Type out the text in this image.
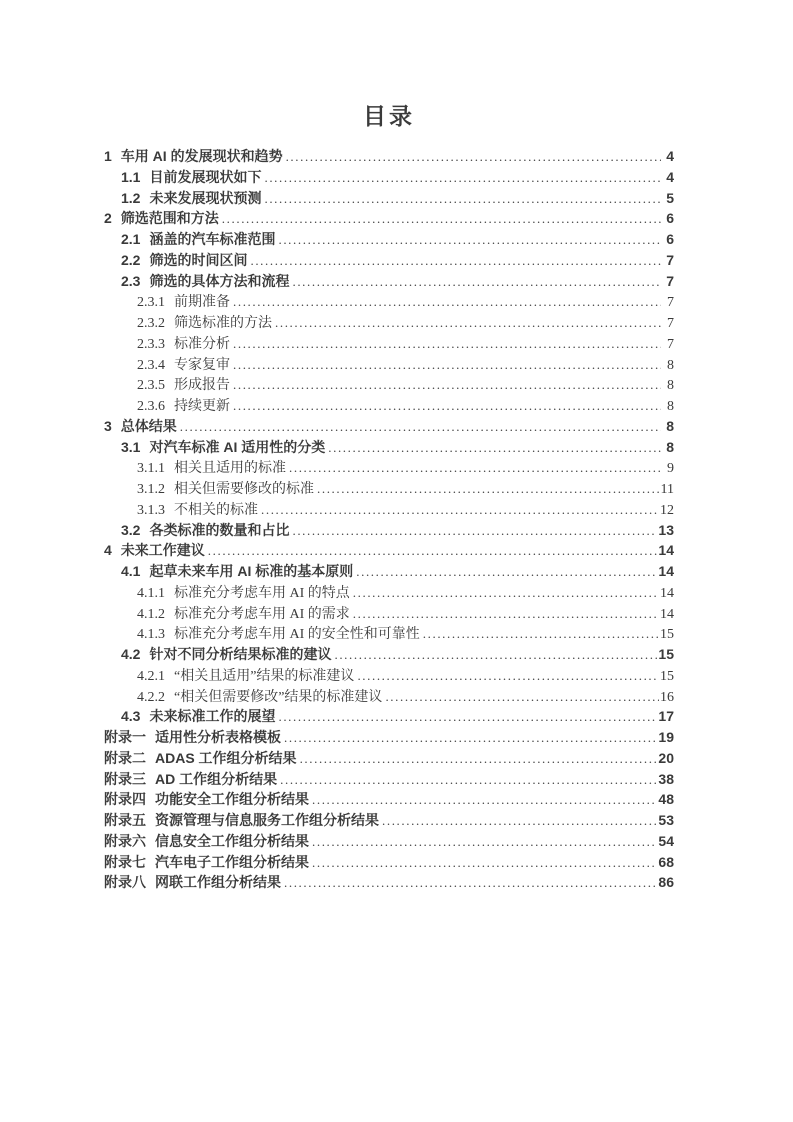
目录
1 车用 AI 的发展现状和趋势 .....	4
1.1 目前发展现状如下 .....	4
1.2 未来发展现状预测 .....	5
2 筛选范围和方法 .....	6
2.1 涵盖的汽车标准范围 .....	6
2.2 筛选的时间区间 .....	7
2.3 筛选的具体方法和流程 .....	7
2.3.1 前期准备 .....	7
2.3.2 筛选标准的方法 .....	7
2.3.3 标准分析 .....	7
2.3.4 专家复审 .....	8
2.3.5 形成报告 .....	8
2.3.6 持续更新 .....	8
3 总体结果 .....	8
3.1 对汽车标准 AI 适用性的分类 .....	8
3.1.1 相关且适用的标准 .....	9
3.1.2 相关但需要修改的标准 .....	11
3.1.3 不相关的标准 .....	12
3.2 各类标准的数量和占比 .....	13
4 未来工作建议 .....	14
4.1 起草未来车用 AI 标准的基本原则 .....	14
4.1.1 标准充分考虑车用 AI 的特点 .....	14
4.1.2 标准充分考虑车用 AI 的需求 .....	14
4.1.3 标准充分考虑车用 AI 的安全性和可靠性 .....	15
4.2 针对不同分析结果标准的建议 .....	15
4.2.1 “相关且适用”结果的标准建议 .....	15
4.2.2 “相关但需要修改”结果的标准建议 .....	16
4.3 未来标准工作的展望 .....	17
附录一 适用性分析表格模板 .....	19
附录二 ADAS 工作组分析结果 .....	20
附录三 AD 工作组分析结果 .....	38
附录四 功能安全工作组分析结果 .....	48
附录五 资源管理与信息服务工作组分析结果 .....	53
附录六 信息安全工作组分析结果 .....	54
附录七 汽车电子工作组分析结果 .....	68
附录八 网联工作组分析结果 .....	86
